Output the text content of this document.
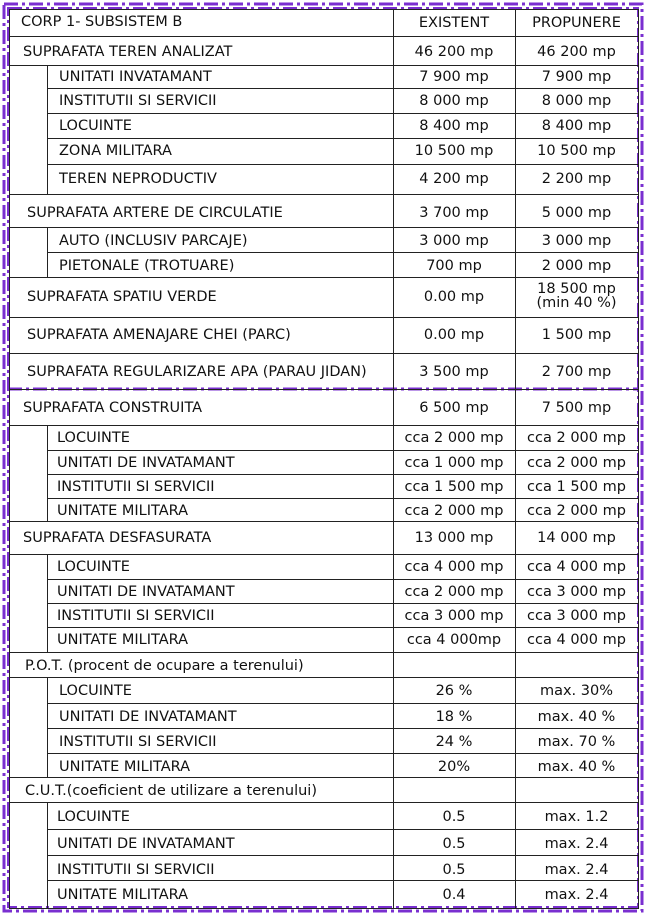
CORP 1- SUBSISTEM B	EXISTENT	PROPUNERE
SUPRAFATA TEREN ANALIZAT	46 200 mp	46 200 mp
UNITATI INVATAMANT	7 900 mp	7 900 mp
INSTITUTII SI SERVICII	8 000 mp	8 000 mp
LOCUINTE	8 400 mp	8 400 mp
ZONA MILITARA	10 500 mp	10 500 mp
TEREN NEPRODUCTIV	4 200 mp	2 200 mp
SUPRAFATA ARTERE DE CIRCULATIE	3 700 mp	5 000 mp
AUTO (INCLUSIV PARCAJE)	3 000 mp	3 000 mp
PIETONALE (TROTUARE)	700 mp	2 000 mp
SUPRAFATA SPATIU VERDE	0.00 mp	18 500 mp
(min 40 %)
SUPRAFATA AMENAJARE CHEI (PARC)	0.00 mp	1 500 mp
SUPRAFATA REGULARIZARE APA (PARAU JIDAN)	3 500 mp	2 700 mp
SUPRAFATA CONSTRUITA	6 500 mp	7 500 mp
LOCUINTE	cca 2 000 mp	cca 2 000 mp
UNITATI DE INVATAMANT	cca 1 000 mp	cca 2 000 mp
INSTITUTII SI SERVICII	cca 1 500 mp	cca 1 500 mp
UNITATE MILITARA	cca 2 000 mp	cca 2 000 mp
SUPRAFATA DESFASURATA	13 000 mp	14 000 mp
LOCUINTE	cca 4 000 mp	cca 4 000 mp
UNITATI DE INVATAMANT	cca 2 000 mp	cca 3 000 mp
INSTITUTII SI SERVICII	cca 3 000 mp	cca 3 000 mp
UNITATE MILITARA	cca 4 000mp	cca 4 000 mp
P.O.T. (procent de ocupare a terenului)
LOCUINTE	26 %	max. 30%
UNITATI DE INVATAMANT	18 %	max. 40 %
INSTITUTII SI SERVICII	24 %	max. 70 %
UNITATE MILITARA	20%	max. 40 %
C.U.T.(coeficient de utilizare a terenului)
LOCUINTE	0.5	max. 1.2
UNITATI DE INVATAMANT	0.5	max. 2.4
INSTITUTII SI SERVICII	0.5	max. 2.4
UNITATE MILITARA	0.4	max. 2.4
